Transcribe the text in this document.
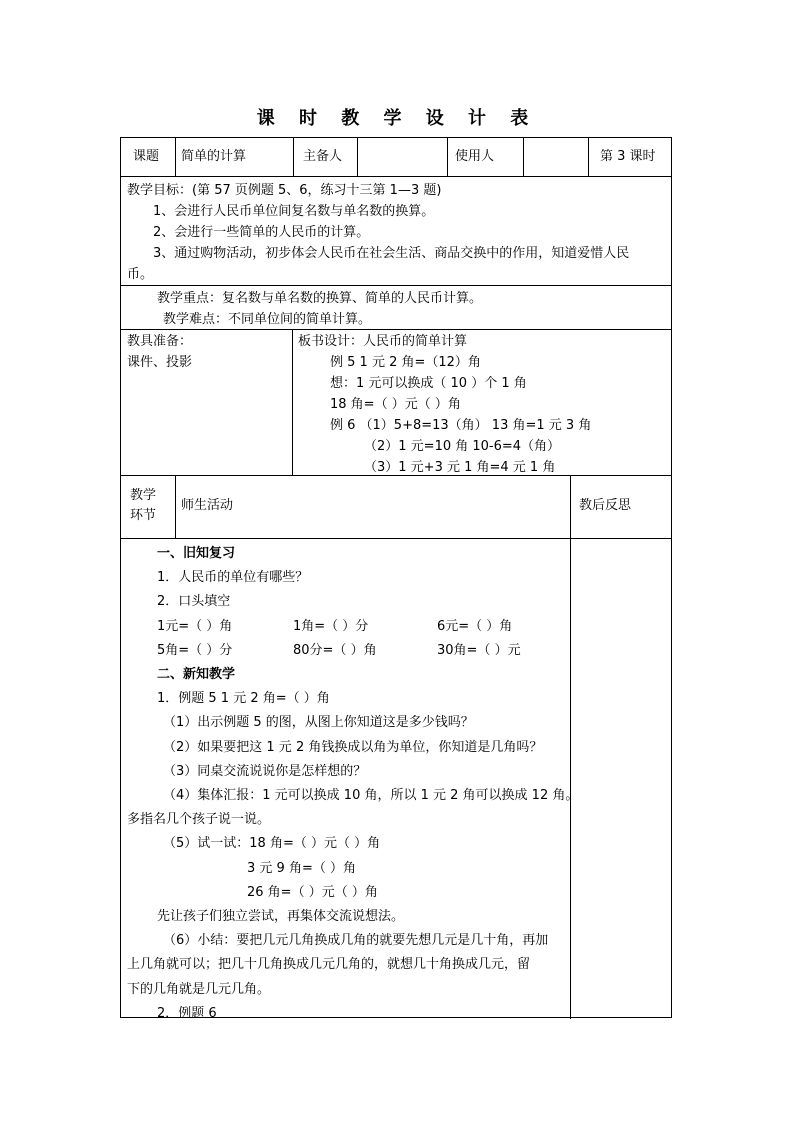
课 时 教 学 设 计 表
课题 简单的计算	主备人	使用人	第 3 课时
教学目标：(第 57 页例题 5、6，练习十三第 1—3 题)
1、会进行人民币单位间复名数与单名数的换算。
2、会进行一些简单的人民币的计算。
3、通过购物活动，初步体会人民币在社会生活、商品交换中的作用，知道爱惜人民
币。
教学重点：复名数与单名数的换算、简单的人民币计算。
教学难点：不同单位间的简单计算。
教具准备：
课件、投影
板书设计：人民币的简单计算
例 5 1 元 2 角=（12）角
想：1 元可以换成（ 10 ）个 1 角
18 角=（ ）元（ ）角
例 6 （1）5+8=13（角） 13 角=1 元 3 角
（2）1 元=10 角 10-6=4（角）
（3）1 元+3 元 1 角=4 元 1 角
教学环节
师生活动	教后反思
一、旧知复习
1．人民币的单位有哪些？
2．口头填空
1元=（ ）角	1角=（ ）分	6元=（ ）角
5角=（ ）分	80分=（ ）角	30角=（ ）元
二、新知教学
1．例题 5 1 元 2 角=（ ）角
（1）出示例题 5 的图，从图上你知道这是多少钱吗？
（2）如果要把这 1 元 2 角钱换成以角为单位，你知道是几角吗？
（3）同桌交流说说你是怎样想的？
（4）集体汇报：1 元可以换成 10 角，所以 1 元 2 角可以换成 12 角。
多指名几个孩子说一说。
（5）试一试：18 角=（ ）元（ ）角
3 元 9 角=（ ）角
26 角=（ ）元（ ）角
先让孩子们独立尝试，再集体交流说想法。
（6）小结：要把几元几角换成几角的就要先想几元是几十角，再加
上几角就可以；把几十几角换成几元几角的，就想几十角换成几元，留
下的几角就是几元几角。
2．例题 6
